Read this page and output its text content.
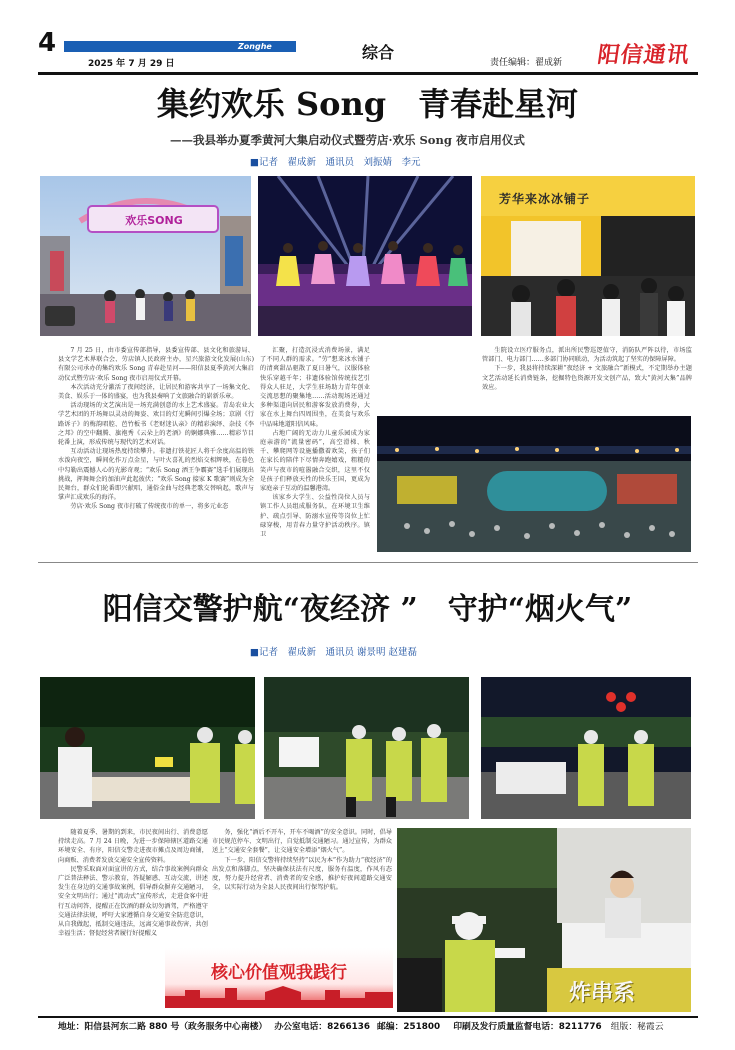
4	Zonghe
2025 年 7 月 29 日
综合
责任编辑：翟成新 阳信通讯
集约欢乐 Song　青春赴星河
——我县举办夏季黄河大集启动仪式暨劳店·欢乐 Song 夜市启用仪式
■记者　翟成新　通讯员　刘振婧　李元
欢乐SONG
芳华来冰冰铺子

7 月 25 日，由市委宣传部指导，县委宣传部、县文化和旅游局、县文学艺术界联合会、劳店镇人民政府主办，星兴旅游文化发展(山东)有限公司承办的集约欢乐 Song 青春赴星河——阳信县夏季黄河大集启动仪式暨劳店·欢乐 Song 夜市启用仪式开幕。

本次活动充分激活了夜间经济，让居民和游客共享了一场集文化、美食、娱乐于一体的盛宴，也为我县奏响了文旅融合的崭新乐章。

活动现场的文艺演出是一场充满创意的水上艺术盛宴。青岛农业大学艺术团的开场舞以灵动的舞姿、欢目的灯光瞬间引爆全场；京剧《行路诉子》的梅韵唱腔、芭竹板书《老财迷认亲》的精彩演绎、杂技《李之邦》的空中翻腾、旗袍秀《云朵上的老酒》的婀娜典雅……精彩节目轮番上演，形成传统与现代的艺术对话。

互动活动让现场热度持续攀升。非遗打铁花匠人将千余度高温的铁水泼向夜空，瞬间化作万点金星，与叶火喜礼的烈焰交相辉映，在暮色中勾勒出震撼人心的光影奇观；“欢乐 Song 洒王争霸赛”选手们展现出挑战，挥舞舞会的加油声此起彼伏；“欢乐 Song 接家 K 歌赛”则成为全民舞台，群众们轮番即兴献唱，通俗金曲与经典老歌交替响起，歌声与掌声汇成欢乐的海洋。

劳店·欢乐 Song 夜市打破了传统夜市的单一，将多元业态

汇聚，打造沉浸式消费场景，满足了不同人群的需求。“劳”想来冰水铺子的清爽甜品驱散了夏日暑气，汉服体验快乐穿越千年；非遗体验馆传统技艺引得众人驻足，大学生驻场助力青年创业交流思想的聚集地……活动现场还通过多种渠道向居民和游客发放消费券，大家在水上舞台四周围坐，在美食与欢乐中品味地道阳信风味。

占地广阔的无动力儿童乐园成为家庭亲游的“流量密码”，高空滑梯、秋千、攀爬网等设施播撒着欢笑，孩子们在家长的陪伴下尽情奔跑嬉戏，粗糙的笑声与夜市的喧嚣融合交织，这里不仅是孩子们释放天性的快乐王国，更成为家庭亲子互动的温馨港湾。

该家乡大学生、公益性岗位人员与镇工作人员组成服务队，在环境卫生维护、疏点引导、防溺水宣传等岗位上忙碌穿梭，用青春力量守护活动秩序。镇卫

生院设立医疗服务点，派出所民警巡逻值守，消防队严阵以待，市场监管部门、电力部门……多部门协同联动，为活动筑起了坚实的保障屏障。

下一步，我县将持续深耕“夜经济 + 文旅融合”新模式，不定期举办主题文艺活动延长消费链条，挖掘特色资源开发文创产品，致大“黄河大集”品牌效应。

阳信交警护航“夜经济 ”　守护“烟火气”
■记者　翟成新　通讯员 谢景明 赵建磊

随着夏季、暑期的到来，市民夜间出行、消费意愿持续走高。7 月 24 日晚，为进一步保障辖区道路交通环境安全、有序，阳信交警走进夜市摊点及周边商铺，向商贩、消费者发放交通安全宣传资料。

民警采取面对面宣讲的方式，结合事故案例向群众广泛普法释法、警示教育，答疑解惑、互动交流，讲述发生在身边的交通事故案例，倡导群众摒弃交通陋习，安全文明出行；通过“流动式”宣传形式，走进食客中进行互动问答，提醒正在饮酒的群众切勿酒驾，严格遵守交通法律法规，呼吁大家遵循自身交通安全防范意识，从自我做起，抵制交通违法，远离交通事故伤害，共创幸福生活；督促经营者履行好提醒义

务，强化“酒后不开车，开车不喝酒”的安全意识。同时，倡导市民规范停车、文明出行，自觉抵制交通陋习。通过宣传，为群众送上“交通安全套餐”，让交通安全增添“烟火气”。

下一步，阳信交警将持续坚持“以民为本”作为助力“夜经济”的出发点和落脚点，坚决确保扶法有尺度，服务有温度，作风有态度，努力提升经营者、消费者的安全感，推护好夜间道路交通安全，以实际行动为全县人民夜间出行保驾护航。

核心价值观我践行
炸串系
地址：阳信县河东二路 880 号（政务服务中心南楼） 办公室电话：8266136 邮编：251800 印刷及发行质量监督电话：8211776 组版：秘霞云
